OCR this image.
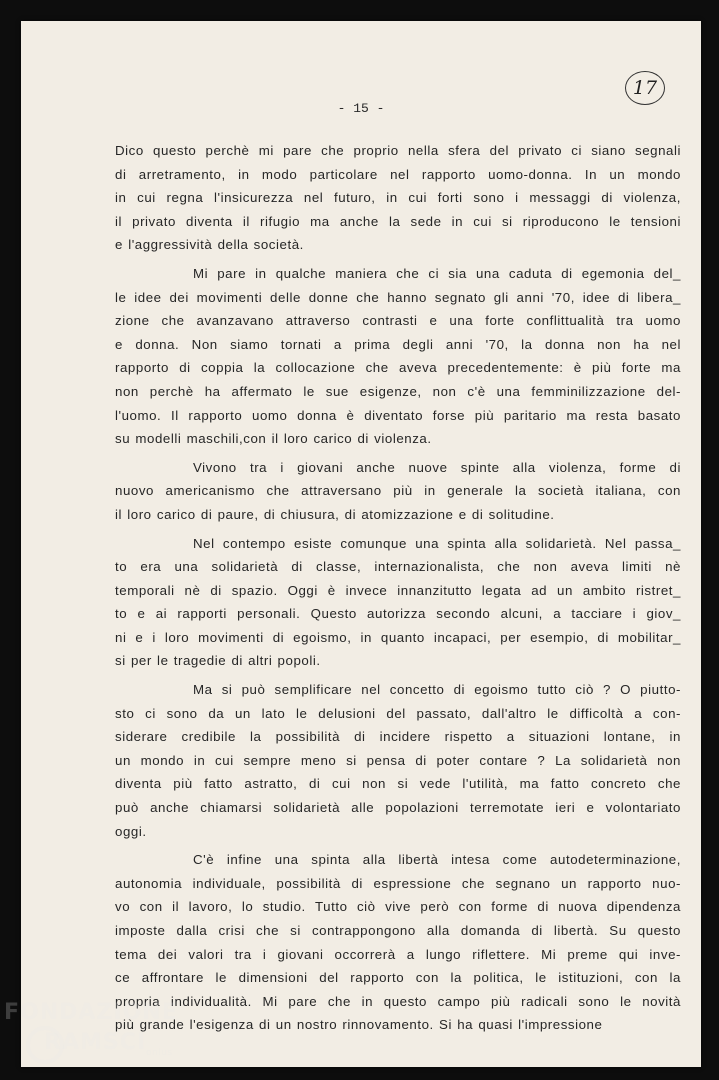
17
- 15 -

Dico questo perchè mi pare che proprio nella sfera del privato ci siano segnali
di arretramento, in modo particolare nel rapporto uomo-donna. In un mondo
in cui regna l'insicurezza nel futuro, in cui forti sono i messaggi di violenza,
il privato diventa il rifugio ma anche la sede in cui si riproducono le tensioni
e l'aggressività della società.

Mi pare in qualche maniera che ci sia una caduta di egemonia del_
le idee dei movimenti delle donne che hanno segnato gli anni '70, idee di libera_
zione che avanzavano attraverso contrasti e una forte conflittualità tra uomo
e donna. Non siamo tornati a prima degli anni '70, la donna non ha nel
rapporto di coppia la collocazione che aveva precedentemente: è più forte ma
non perchè ha affermato le sue esigenze, non c'è una femminilizzazione del-
l'uomo. Il rapporto uomo donna è diventato forse più paritario ma resta basato
su modelli maschili,con il loro carico di violenza.

Vivono tra i giovani anche nuove spinte alla violenza, forme di
nuovo americanismo che attraversano più in generale la società italiana, con
il loro carico di paure, di chiusura, di atomizzazione e di solitudine.

Nel contempo esiste comunque una spinta alla solidarietà. Nel passa_
to era una solidarietà di classe, internazionalista, che non aveva limiti nè
temporali nè di spazio. Oggi è invece innanzitutto legata ad un ambito ristret_
to e ai rapporti personali. Questo autorizza secondo alcuni, a tacciare i giov_
ni e i loro movimenti di egoismo, in quanto incapaci, per esempio, di mobilitar_
si per le tragedie di altri popoli.

Ma si può semplificare nel concetto di egoismo tutto ciò ? O piutto-
sto ci sono da un lato le delusioni del passato, dall'altro le difficoltà a con-
siderare credibile la possibilità di incidere rispetto a situazioni lontane, in
un mondo in cui sempre meno si pensa di poter contare ? La solidarietà non
diventa più fatto astratto, di cui non si vede l'utilità, ma fatto concreto che
può anche chiamarsi solidarietà alle popolazioni terremotate ieri e volontariato
oggi.

C'è infine una spinta alla libertà intesa come autodeterminazione,
autonomia individuale, possibilità di espressione che segnano un rapporto nuo-
vo con il lavoro, lo studio. Tutto ciò vive però con forme di nuova dipendenza
imposte dalla crisi che si contrappongono alla domanda di libertà. Su questo
tema dei valori tra i giovani occorrerà a lungo riflettere. Mi preme qui inve-
ce affrontare le dimensioni del rapporto con la politica, le istituzioni, con la
propria individualità. Mi pare che in questo campo più radicali sono le novità
più grande l'esigenza di un nostro rinnovamento. Si ha quasi l'impressione

FONDAZIONE
RAMSCI onlus
